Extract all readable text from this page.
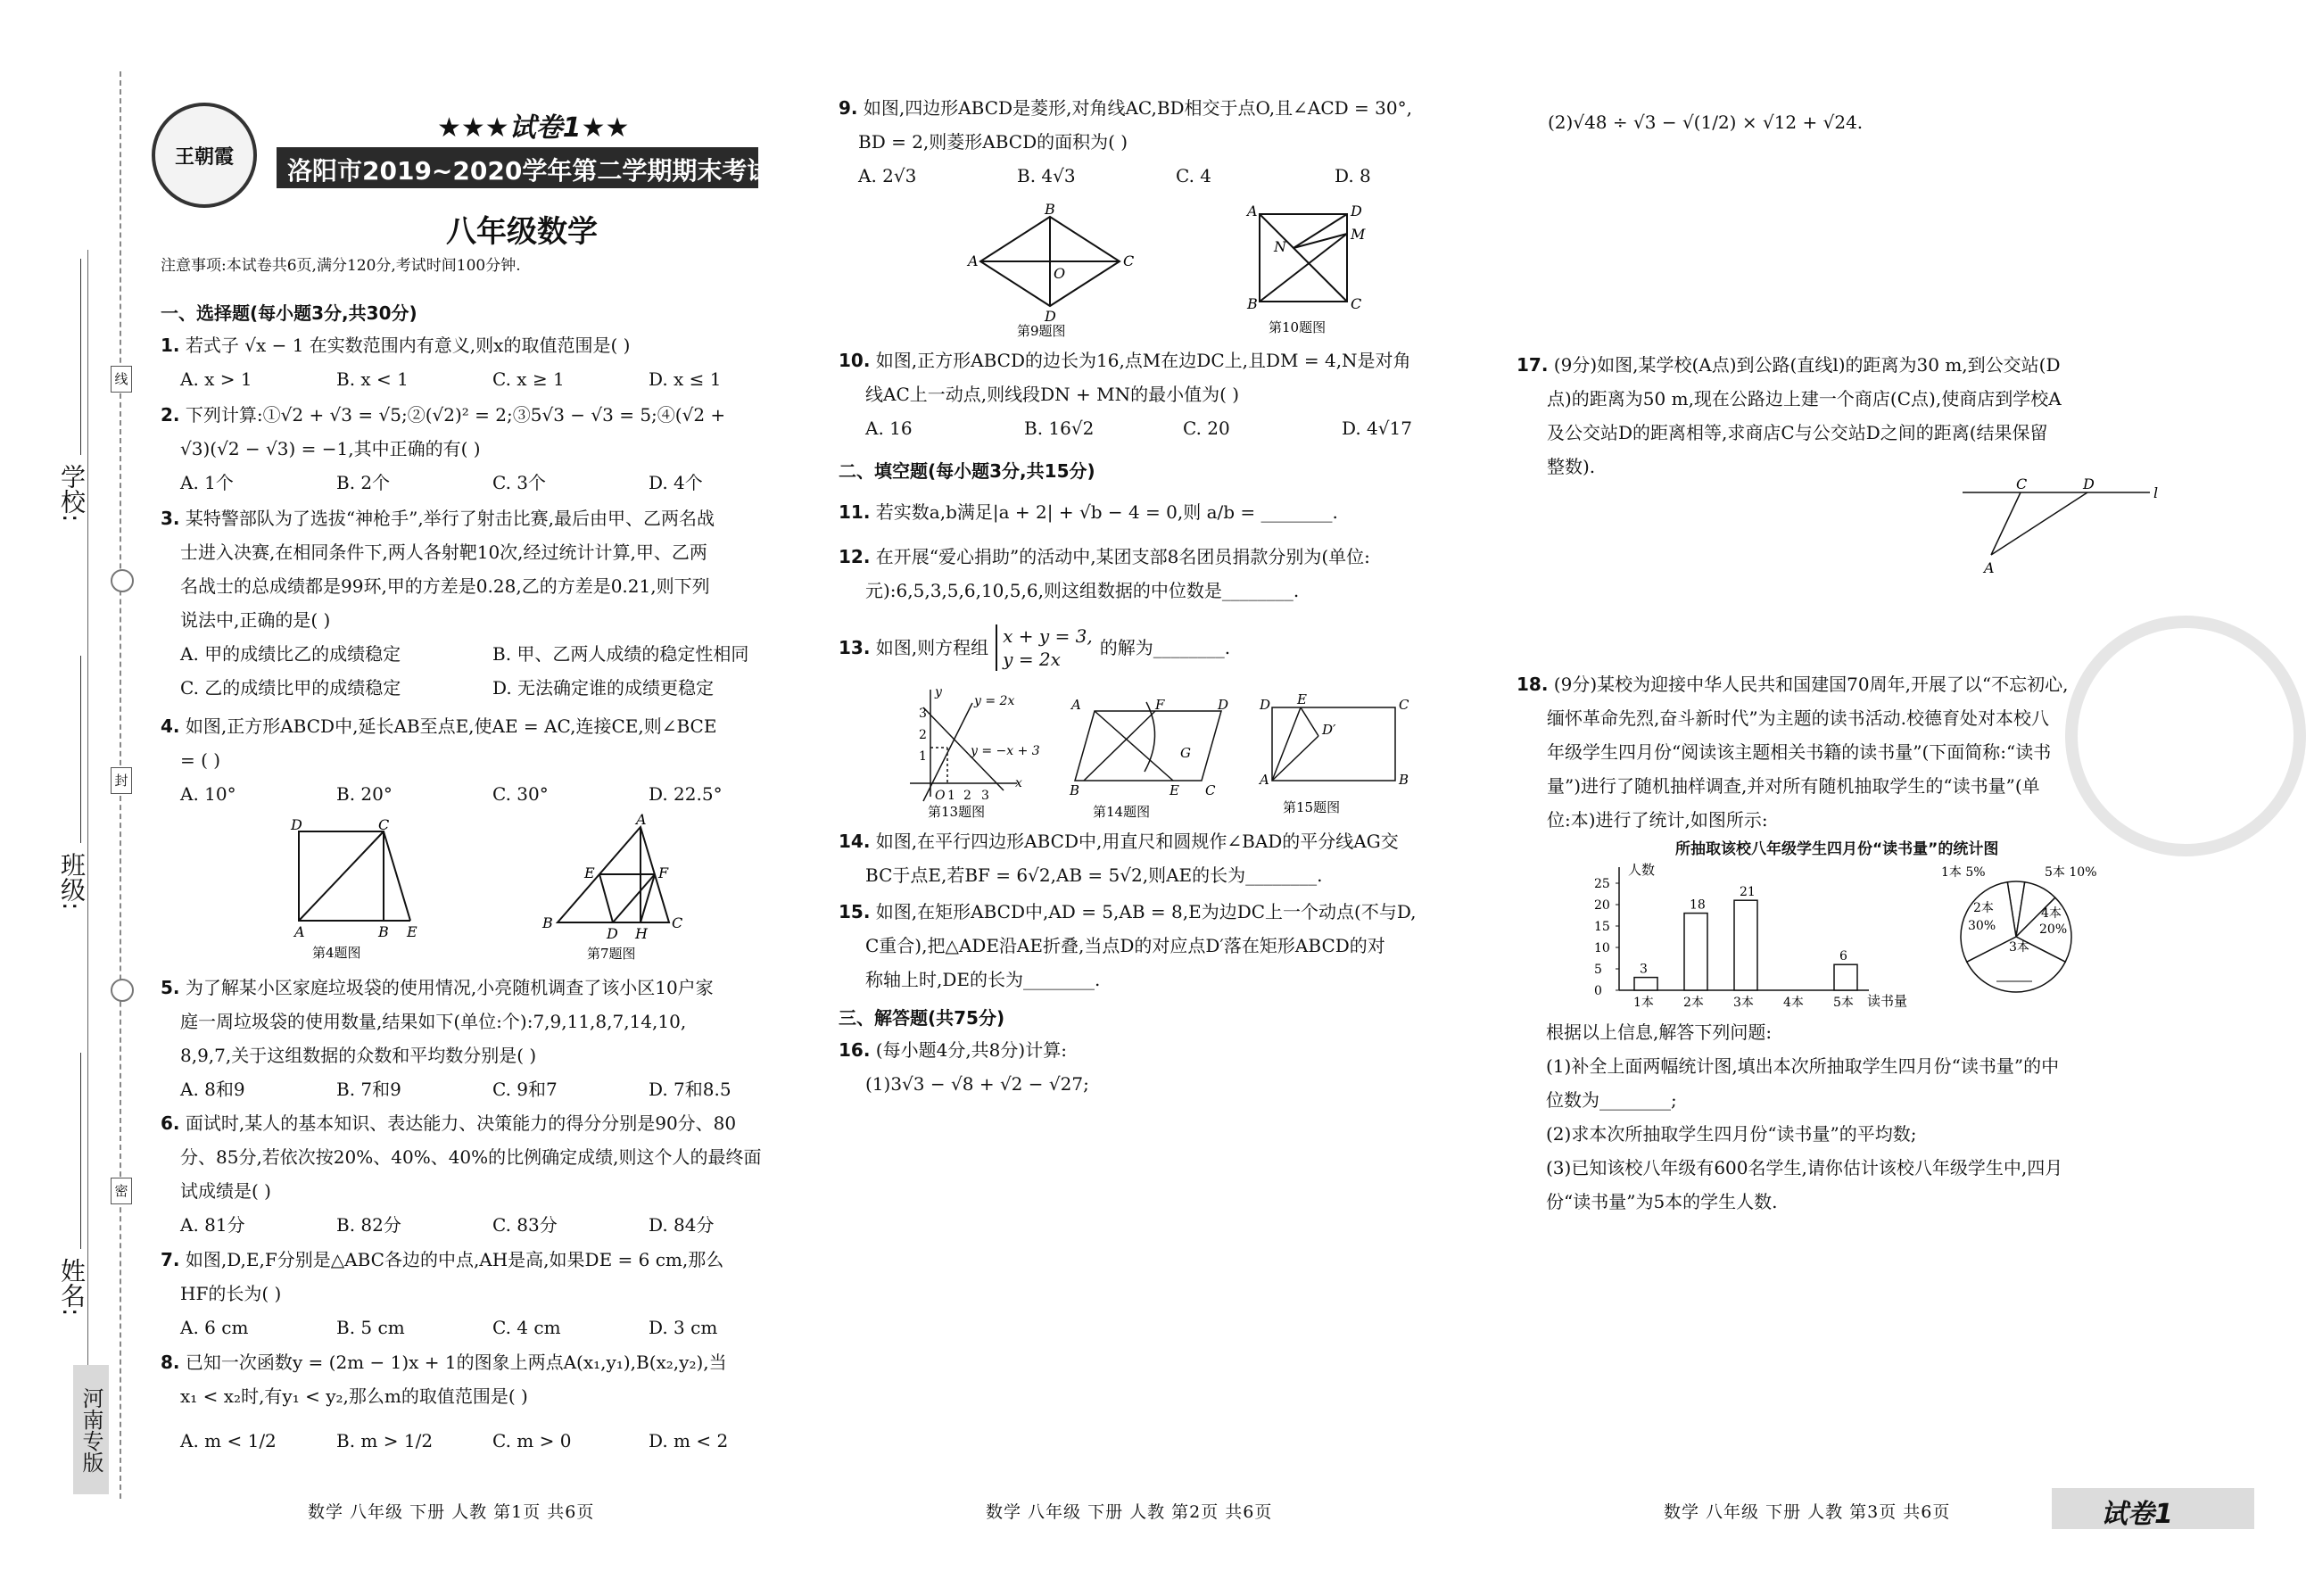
学校:
班级:
姓名:
线
封
密
河南专版
王朝霞
★★★试卷1★★
洛阳市2019~2020学年第二学期期末考试试卷
八年级数学
注意事项:本试卷共6页,满分120分,考试时间100分钟.
一、选择题(每小题3分,共30分)
1. 若式子 √x − 1 在实数范围内有意义,则x的取值范围是( )
A. x > 1	B. x < 1	C. x ≥ 1	D. x ≤ 1
2. 下列计算:①√2 + √3 = √5;②(√2)² = 2;③5√3 − √3 = 5;④(√2 +
√3)(√2 − √3) = −1,其中正确的有( )
A. 1个	B. 2个	C. 3个	D. 4个
3. 某特警部队为了选拔“神枪手”,举行了射击比赛,最后由甲、乙两名战
士进入决赛,在相同条件下,两人各射靶10次,经过统计计算,甲、乙两
名战士的总成绩都是99环,甲的方差是0.28,乙的方差是0.21,则下列
说法中,正确的是( )
A. 甲的成绩比乙的成绩稳定	B. 甲、乙两人成绩的稳定性相同
C. 乙的成绩比甲的成绩稳定	D. 无法确定谁的成绩更稳定
4. 如图,正方形ABCD中,延长AB至点E,使AE = AC,连接CE,则∠BCE
= ( )
A. 10°	B. 20°	C. 30°	D. 22.5°
D	C
A	B E
第4题图
A
E	F
B	C
D H
第7题图
5. 为了解某小区家庭垃圾袋的使用情况,小亮随机调查了该小区10户家
庭一周垃圾袋的使用数量,结果如下(单位:个):7,9,11,8,7,14,10,
8,9,7,关于这组数据的众数和平均数分别是( )
A. 8和9	B. 7和9	C. 9和7	D. 7和8.5
6. 面试时,某人的基本知识、表达能力、决策能力的得分分别是90分、80
分、85分,若依次按20%、40%、40%的比例确定成绩,则这个人的最终面
试成绩是( )
A. 81分	B. 82分	C. 83分	D. 84分
7. 如图,D,E,F分别是△ABC各边的中点,AH是高,如果DE = 6 cm,那么
HF的长为( )
A. 6 cm	B. 5 cm	C. 4 cm	D. 3 cm
8. 已知一次函数y = (2m − 1)x + 1的图象上两点A(x₁,y₁),B(x₂,y₂),当
x₁ < x₂时,有y₁ < y₂,那么m的取值范围是( )
A. m < 1/2	B. m > 1/2	C. m > 0	D. m < 2
数学 八年级 下册 人教 第1页 共6页
9. 如图,四边形ABCD是菱形,对角线AC,BD相交于点O,且∠ACD = 30°,
BD = 2,则菱形ABCD的面积为( )
A. 2√3	B. 4√3	C. 4	D. 8
B
A	C
O
D
第9题图
A	D
M
N
B	C
第10题图
10. 如图,正方形ABCD的边长为16,点M在边DC上,且DM = 4,N是对角
线AC上一动点,则线段DN + MN的最小值为( )
A. 16	B. 16√2	C. 20	D. 4√17
二、填空题(每小题3分,共15分)
11. 若实数a,b满足|a + 2| + √b − 4 = 0,则 a/b = ________.
12. 在开展“爱心捐助”的活动中,某团支部8名团员捐款分别为(单位:
元):6,5,3,5,6,10,5,6,则这组数据的中位数是________.
13.
如图,则方程组
x + y = 3,
y = 2x
的解为________.
y
x
y = 2x
y = −x + 3
3
2
1
O 1 2 3
第13题图
A	F	D
G
B	E C
第14题图
D E	C
D′
A	B
第15题图
14. 如图,在平行四边形ABCD中,用直尺和圆规作∠BAD的平分线AG交
BC于点E,若BF = 6√2,AB = 5√2,则AE的长为________.
15. 如图,在矩形ABCD中,AD = 5,AB = 8,E为边DC上一个动点(不与D,
C重合),把△ADE沿AE折叠,当点D的对应点D′落在矩形ABCD的对
称轴上时,DE的长为________.
三、解答题(共75分)
16. (每小题4分,共8分)计算:
(1)3√3 − √8 + √2 − √27;
数学 八年级 下册 人教 第2页 共6页
(2)√48 ÷ √3 − √(1/2) × √12 + √24.
17. (9分)如图,某学校(A点)到公路(直线l)的距离为30 m,到公交站(D
点)的距离为50 m,现在公路边上建一个商店(C点),使商店到学校A
及公交站D的距离相等,求商店C与公交站D之间的距离(结果保留
整数).
C	D
l
A
18. (9分)某校为迎接中华人民共和国建国70周年,开展了以“不忘初心,
缅怀革命先烈,奋斗新时代”为主题的读书活动.校德育处对本校八
年级学生四月份“阅读该主题相关书籍的读书量”(下面简称:“读书
量”)进行了随机抽样调查,并对所有随机抽取学生的“读书量”(单
位:本)进行了统计,如图所示:
所抽取该校八年级学生四月份“读书量”的统计图
人数
读书量
0
5
10
15
20
25
3
1本
18
2本
21
3本 4本
6
5本
1本 5%	5本 10%
4本
20%
3本
2本
30%
根据以上信息,解答下列问题:
(1)补全上面两幅统计图,填出本次所抽取学生四月份“读书量”的中
位数为________;
(2)求本次所抽取学生四月份“读书量”的平均数;
(3)已知该校八年级有600名学生,请你估计该校八年级学生中,四月
份“读书量”为5本的学生人数.
数学 八年级 下册 人教 第3页 共6页	试卷1
